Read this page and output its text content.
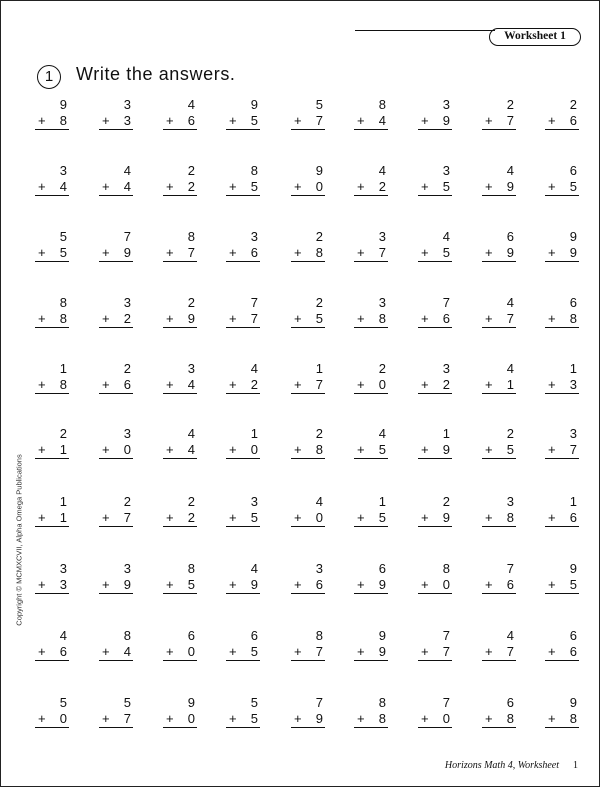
Worksheet 1
1	Write the answers.
Copyright © MCMXCVII, Alpha Omega Publications
9
+ 8
3
+ 3
4
+ 6
9
+ 5
5
+ 7
8
+ 4
3
+ 9
2
+ 7
2
+ 6
3
+ 4
4
+ 4
2
+ 2
8
+ 5
9
+ 0
4
+ 2
3
+ 5
4
+ 9
6
+ 5
5
+ 5
7
+ 9
8
+ 7
3
+ 6
2
+ 8
3
+ 7
4
+ 5
6
+ 9
9
+ 9
8
+ 8
3
+ 2
2
+ 9
7
+ 7
2
+ 5
3
+ 8
7
+ 6
4
+ 7
6
+ 8
1
+ 8
2
+ 6
3
+ 4
4
+ 2
1
+ 7
2
+ 0
3
+ 2
4
+ 1
1
+ 3
2
+ 1
3
+ 0
4
+ 4
1
+ 0
2
+ 8
4
+ 5
1
+ 9
2
+ 5
3
+ 7
1
+ 1
2
+ 7
2
+ 2
3
+ 5
4
+ 0
1
+ 5
2
+ 9
3
+ 8
1
+ 6
3
+ 3
3
+ 9
8
+ 5
4
+ 9
3
+ 6
6
+ 9
8
+ 0
7
+ 6
9
+ 5
4
+ 6
8
+ 4
6
+ 0
6
+ 5
8
+ 7
9
+ 9
7
+ 7
4
+ 7
6
+ 6
5
+ 0
5
+ 7
9
+ 0
5
+ 5
7
+ 9
8
+ 8
7
+ 0
6
+ 8
9
+ 8
Horizons Math 4, Worksheet 1
